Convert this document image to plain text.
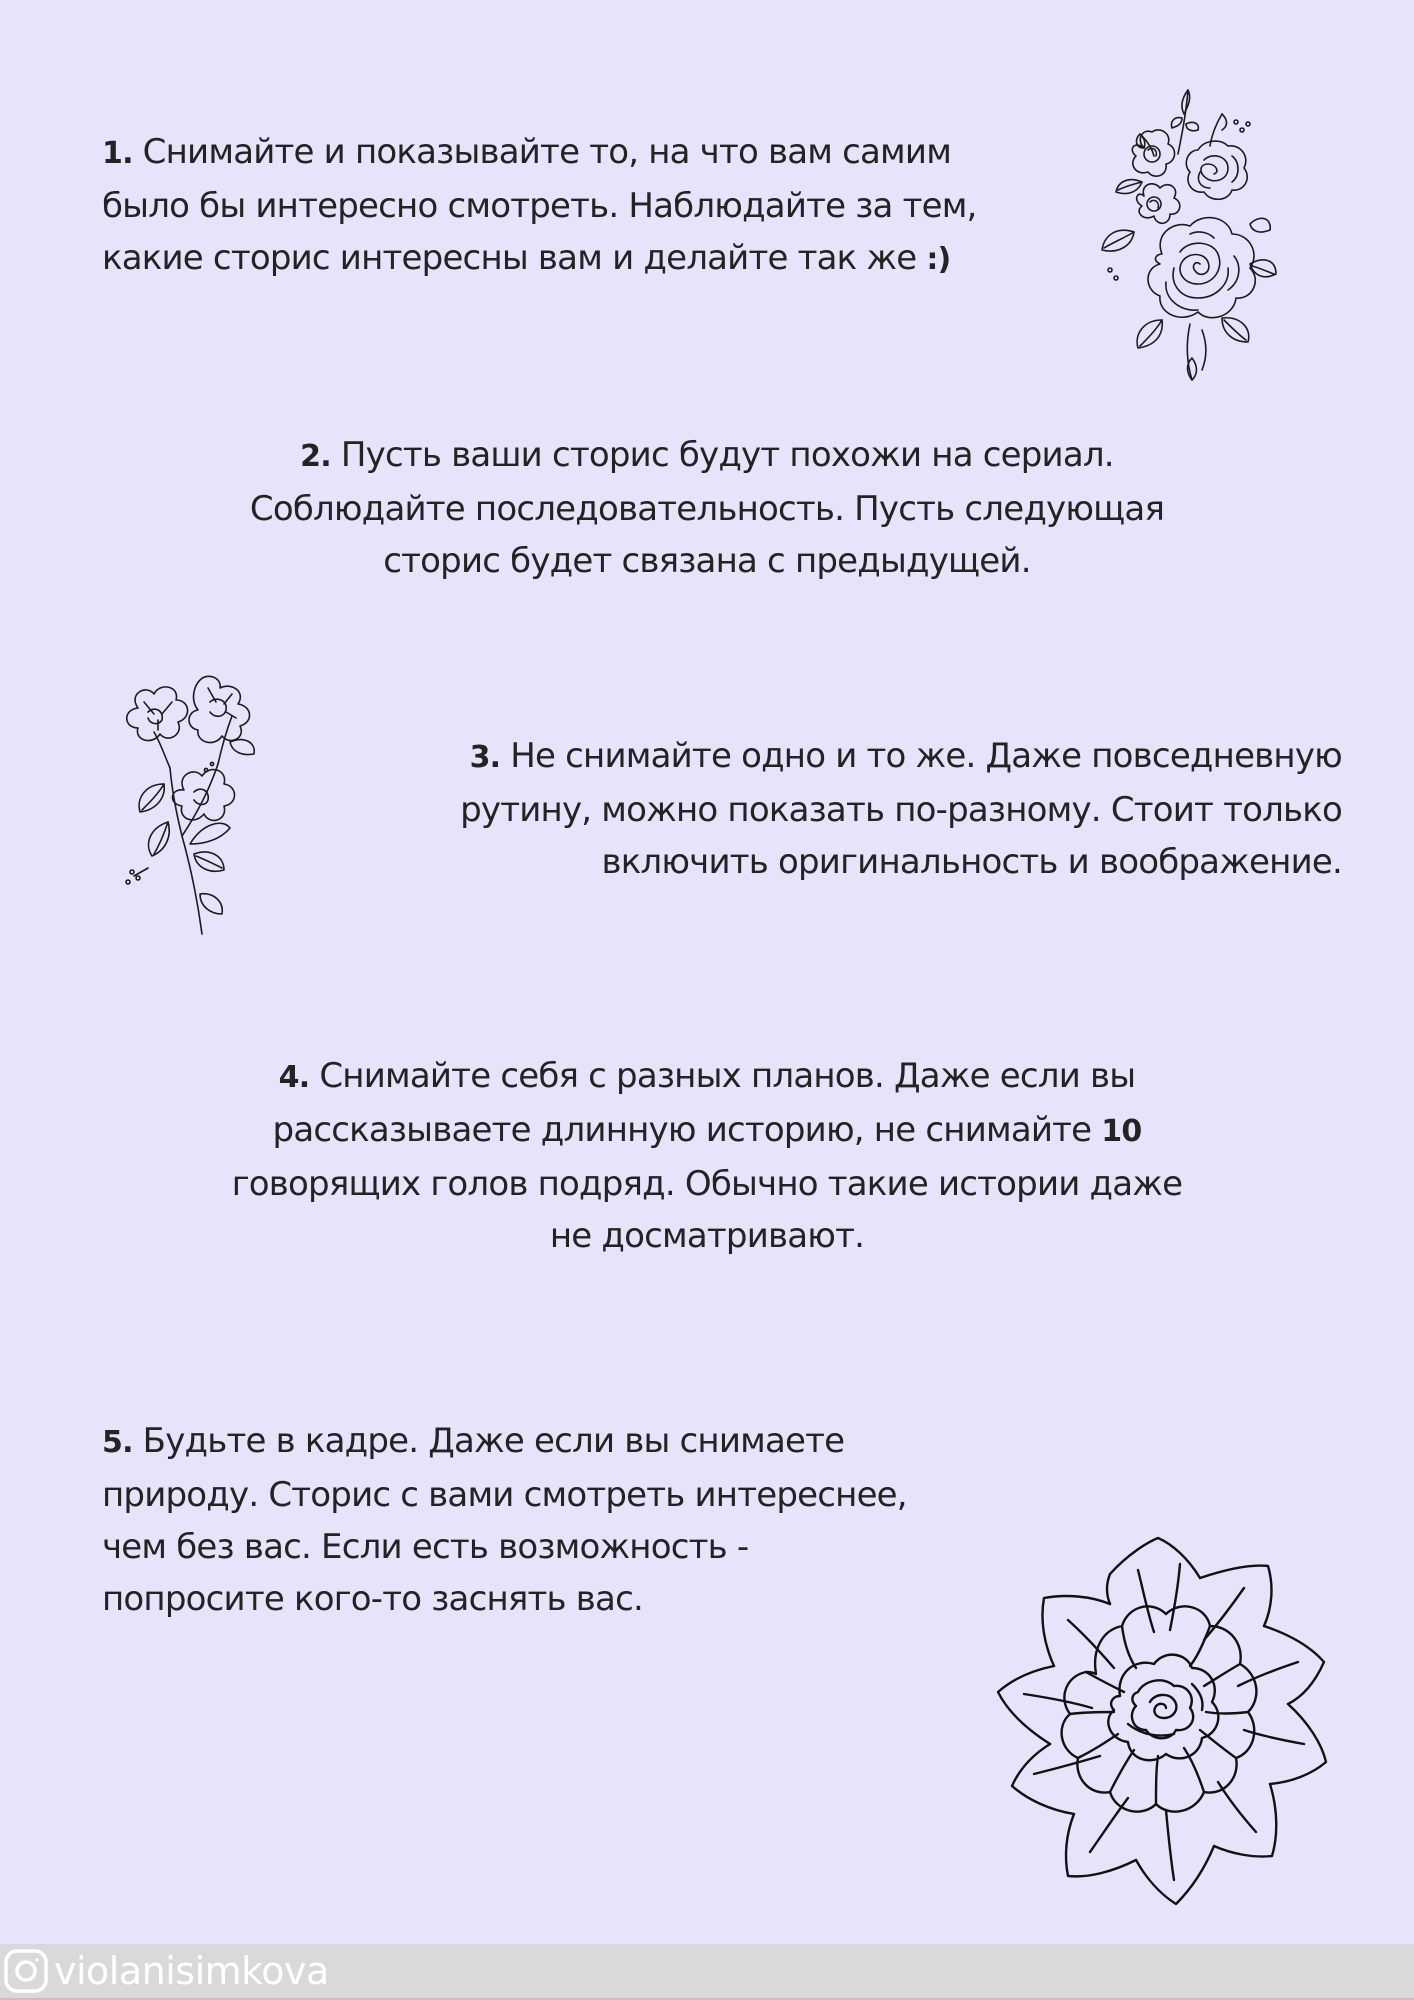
1. Снимайте и показывайте то, на что вам самим
было бы интересно смотреть. Наблюдайте за тем,
какие сторис интересны вам и делайте так же :)

2. Пусть ваши сторис будут похожи на сериал.
Соблюдайте последовательность. Пусть следующая
сторис будет связана с предыдущей.

3. Не снимайте одно и то же. Даже повседневную
рутину, можно показать по-разному. Стоит только
включить оригинальность и воображение.

4. Снимайте себя с разных планов. Даже если вы
рассказываете длинную историю, не снимайте 10
говорящих голов подряд. Обычно такие истории даже
не досматривают.

5. Будьте в кадре. Даже если вы снимаете
природу. Сторис с вами смотреть интереснее,
чем без вас. Если есть возможность -
попросите кого-то заснять вас.

violanisimkova
